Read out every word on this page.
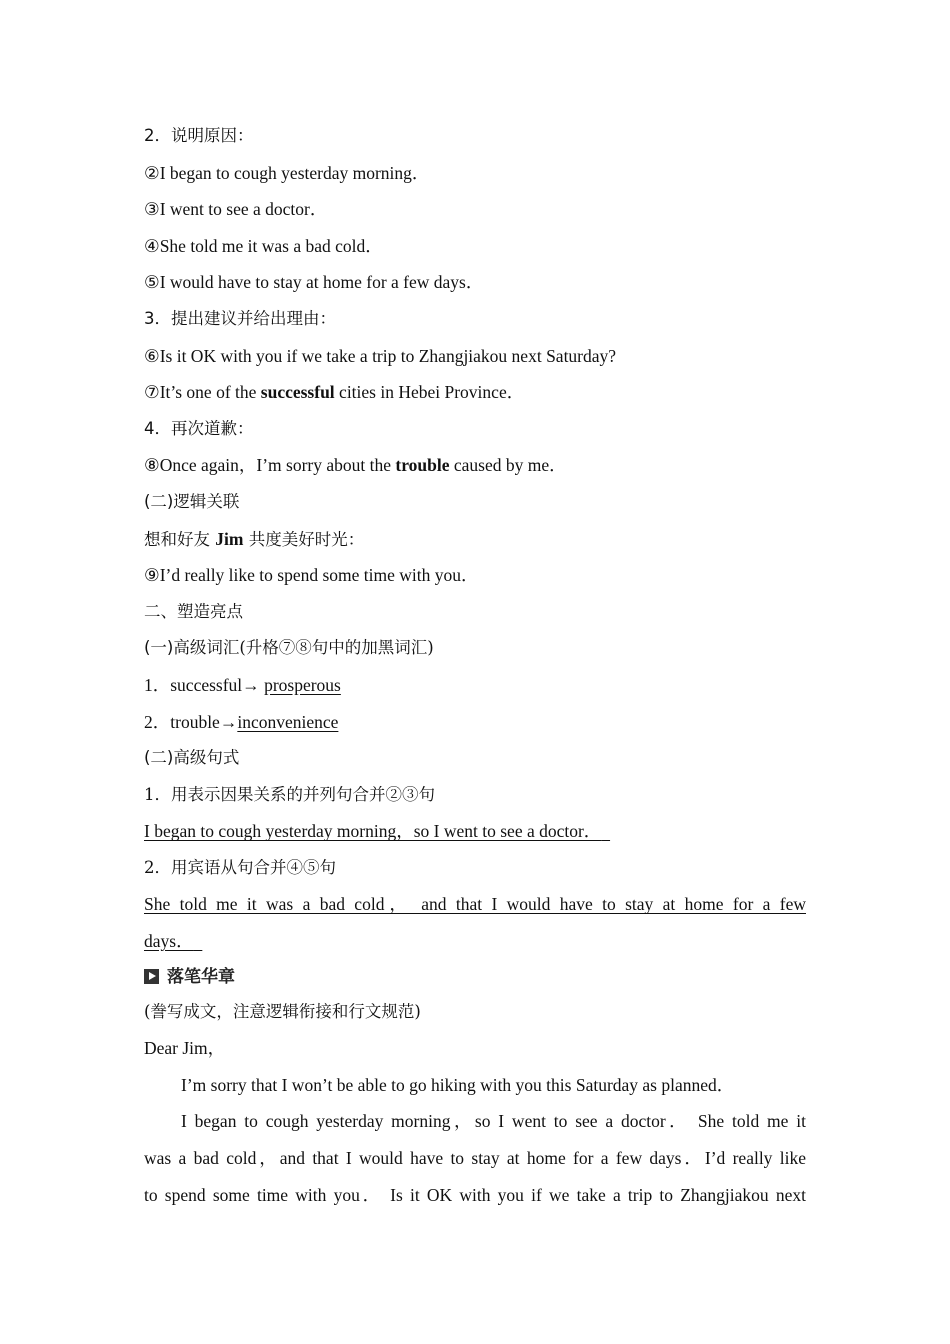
2．说明原因：
②I began to cough yesterday morning．
③I went to see a doctor．
④She told me it was a bad cold．
⑤I would have to stay at home for a few days．
3．提出建议并给出理由：
⑥Is it OK with you if we take a trip to Zhangjiakou next Saturday?
⑦It’s one of the successful cities in Hebei Province．
4．再次道歉：
⑧Once again，I’m sorry about the trouble caused by me．
(二)逻辑关联
想和好友 Jim 共度美好时光：
⑨I’d really like to spend some time with you．
二、塑造亮点
(一)高级词汇(升格⑦⑧句中的加黑词汇)
1．successful→ prosperous
2．trouble→inconvenience
(二)高级句式
1．用表示因果关系的并列句合并②③句
I began to cough yesterday morning，so I went to see a doctor．
2．用宾语从句合并④⑤句
She told me it was a bad cold， and that I would have to stay at home for a few
days．
落笔华章
(誊写成文，注意逻辑衔接和行文规范)
Dear Jim，
I’m sorry that I won’t be able to go hiking with you this Saturday as planned．
I began to cough yesterday morning，so I went to see a doctor． She told me it
was a bad cold，and that I would have to stay at home for a few days．I’d really like
to spend some time with you． Is it OK with you if we take a trip to Zhangjiakou next
